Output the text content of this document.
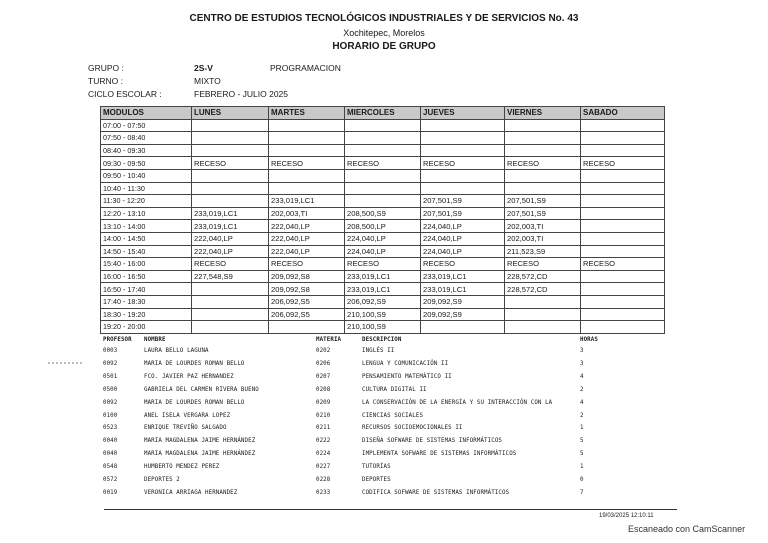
CENTRO DE ESTUDIOS TECNOLÓGICOS INDUSTRIALES Y DE SERVICIOS No. 43
Xochitepec, Morelos
HORARIO DE GRUPO
GRUPO :	2S-V	PROGRAMACION
TURNO :	MIXTO
CICLO ESCOLAR :	FEBRERO - JULIO 2025
MODULOS	LUNES	MARTES	MIERCOLES	JUEVES	VIERNES	SABADO
07:00 - 07:50						
07:50 - 08:40						
08:40 - 09:30						
09:30 - 09:50	RECESO	RECESO	RECESO	RECESO	RECESO	RECESO
09:50 - 10:40						
10:40 - 11:30						
11:30 - 12:20		233,019,LC1		207,501,S9	207,501,S9	
12:20 - 13:10	233,019,LC1	202,003,TI	208,500,S9	207,501,S9	207,501,S9	
13:10 - 14:00	233,019,LC1	222,040,LP	208,500,LP	224,040,LP	202,003,TI	
14:00 - 14:50	222,040,LP	222,040,LP	224,040,LP	224,040,LP	202,003,TI	
14:50 - 15:40	222,040,LP	222,040,LP	224,040,LP	224,040,LP	211,523,S9	
15:40 - 16:00	RECESO	RECESO	RECESO	RECESO	RECESO	RECESO
16:00 - 16:50	227,548,S9	209,092,S8	233,019,LC1	233,019,LC1	228,572,CD	
16:50 - 17:40		209,092,S8	233,019,LC1	233,019,LC1	228,572,CD	
17:40 - 18:30		206,092,S5	206,092,S9	209,092,S9		
18:30 - 19:20		206,092,S5	210,100,S9	209,092,S9		
19:20 - 20:00			210,100,S9			
PROFESOR NOMBRE	MATERIA	DESCRIPCION	HORAS
0003	LAURA BELLO LAGUNA	0202	INGLÉS II	3
0092	MARIA DE LOURDES ROMAN BELLO	0206	LENGUA Y COMUNICACIÓN II	3
0501	FCO. JAVIER PAZ HERNANDEZ	0207	PENSAMIENTO MATEMÁTICO II	4
0500	GABRIELA DEL CARMEN RIVERA BUENO	0208	CULTURA DIGITAL II	2
0092	MARIA DE LOURDES ROMAN BELLO	0209	LA CONSERVACIÓN DE LA ENERGÍA Y SU INTERACCIÓN CON LA	4
0100	ANEL ISELA VERGARA LOPEZ	0210	CIENCIAS SOCIALES	2
0523	ENRIQUE TREVIÑO SALGADO	0211	RECURSOS SOCIOEMOCIONALES II	1
0040	MARIA MAGDALENA JAIME HERNÁNDEZ	0222	DISEÑA SOFWARE DE SISTEMAS INFORMÁTICOS	5
0040	MARIA MAGDALENA JAIME HERNÁNDEZ	0224	IMPLEMENTA SOFWARE DE SISTEMAS INFORMÁTICOS	5
0548	HUMBERTO MENDEZ PEREZ	0227	TUTORÍAS	1
0572	DEPORTES 2	0228	DEPORTES	0
0019	VERONICA ARRIAGA HERNANDEZ	0233	CODIFICA SOFWARE DE SISTEMAS INFORMÁTICOS	7
19/03/2025 12:10:11
Escaneado con CamScanner
